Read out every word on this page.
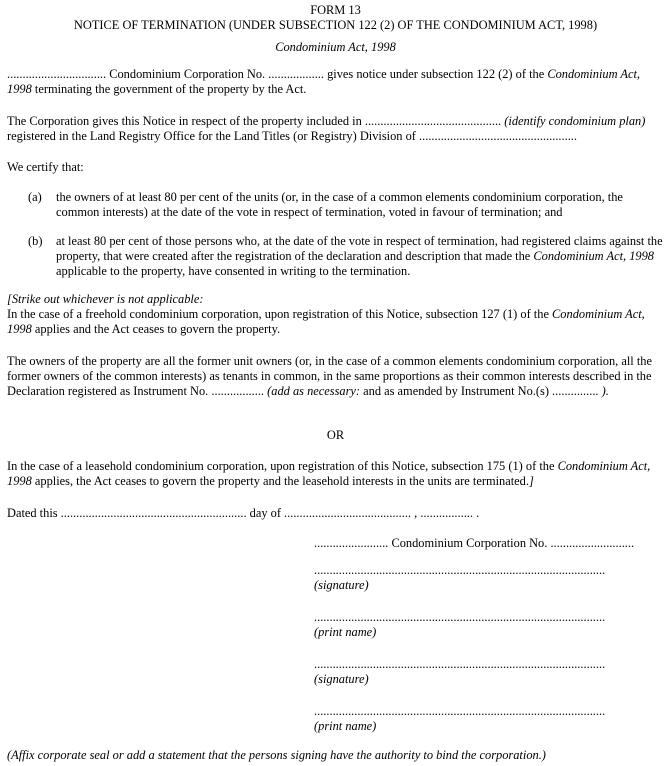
FORM 13
NOTICE OF TERMINATION (UNDER SUBSECTION 122 (2) OF THE CONDOMINIUM ACT, 1998)
Condominium Act, 1998
................................ Condominium Corporation No. .................. gives notice under subsection 122 (2) of the Condominium Act, 1998 terminating the government of the property by the Act.
The Corporation gives this Notice in respect of the property included in ............................................ (identify condominium plan) registered in the Land Registry Office for the Land Titles (or Registry) Division of ...................................................
We certify that:
(a) the owners of at least 80 per cent of the units (or, in the case of a common elements condominium corporation, the common interests) at the date of the vote in respect of termination, voted in favour of termination; and
(b) at least 80 per cent of those persons who, at the date of the vote in respect of termination, had registered claims against the property, that were created after the registration of the declaration and description that made the Condominium Act, 1998 applicable to the property, have consented in writing to the termination.
[Strike out whichever is not applicable:
In the case of a freehold condominium corporation, upon registration of this Notice, subsection 127 (1) of the Condominium Act, 1998 applies and the Act ceases to govern the property.
The owners of the property are all the former unit owners (or, in the case of a common elements condominium corporation, all the former owners of the common interests) as tenants in common, in the same proportions as their common interests described in the Declaration registered as Instrument No. ................. (add as necessary: and as amended by Instrument No.(s) ............... ).
OR
In the case of a leasehold condominium corporation, upon registration of this Notice, subsection 175 (1) of the Condominium Act, 1998 applies, the Act ceases to govern the property and the leasehold interests in the units are terminated.]
Dated this ............................................................ day of ......................................... , ................. .
........................ Condominium Corporation No. ...........................
..............................................................................................
(signature)
..............................................................................................
(print name)
..............................................................................................
(signature)
..............................................................................................
(print name)
(Affix corporate seal or add a statement that the persons signing have the authority to bind the corporation.)
